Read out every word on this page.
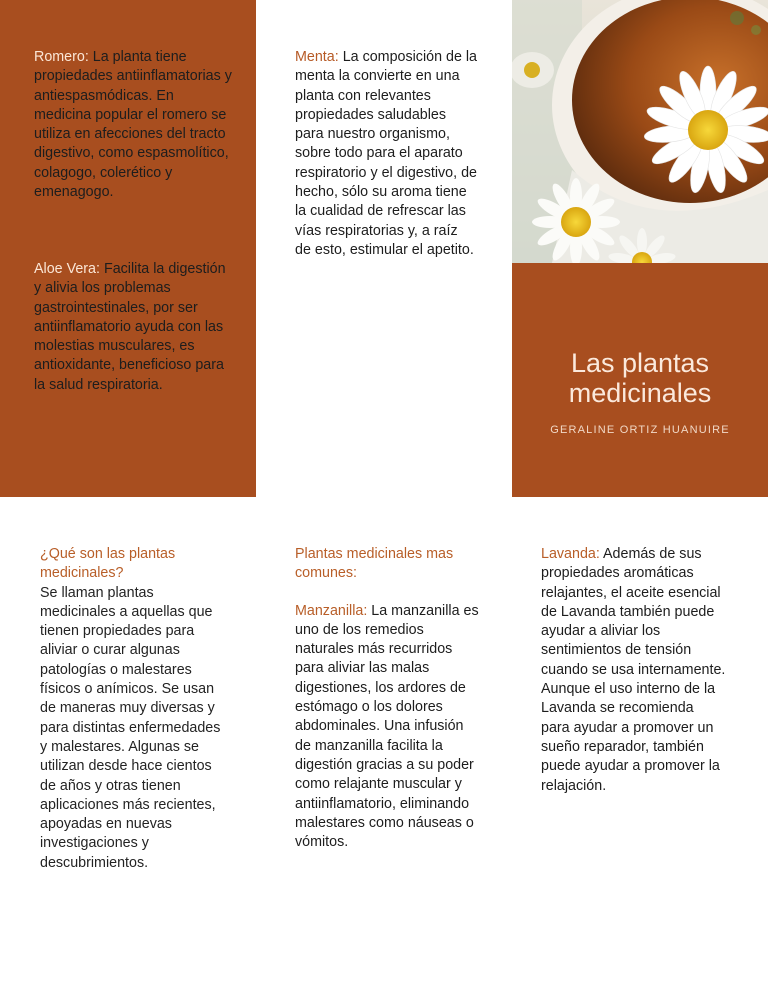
Romero: La planta tiene propiedades antiinflamatorias y antiespasmódicas. En medicina popular el romero se utiliza en afecciones del tracto digestivo, como espasmolítico, colagogo, colerético y emenagogo.
Aloe Vera: Facilita la digestión y alivia los problemas gastrointestinales, por ser antiinflamatorio ayuda con las molestias musculares, es antioxidante, beneficioso para la salud respiratoria.
Menta: La composición de la menta la convierte en una planta con relevantes propiedades saludables para nuestro organismo, sobre todo para el aparato respiratorio y el digestivo, de hecho, sólo su aroma tiene la cualidad de refrescar las vías respiratorias y, a raíz de esto, estimular el apetito.
Las plantas
medicinales
GERALINE ORTIZ HUANUIRE
¿Qué son las plantas medicinales?
Se llaman plantas medicinales a aquellas que tienen propiedades para aliviar o curar algunas patologías o malestares físicos o anímicos. Se usan de maneras muy diversas y para distintas enfermedades y malestares. Algunas se utilizan desde hace cientos de años y otras tienen aplicaciones más recientes, apoyadas en nuevas investigaciones y descubrimientos.
Plantas medicinales mas comunes:
Manzanilla: La manzanilla es uno de los remedios naturales más recurridos para aliviar las malas digestiones, los ardores de estómago o los dolores abdominales. Una infusión de manzanilla facilita la digestión gracias a su poder como relajante muscular y antiinflamatorio, eliminando malestares como náuseas o vómitos.
Lavanda: Además de sus propiedades aromáticas relajantes, el aceite esencial de Lavanda también puede ayudar a aliviar los sentimientos de tensión cuando se usa internamente. Aunque el uso interno de la Lavanda se recomienda para ayudar a promover un sueño reparador, también puede ayudar a promover la relajación.
